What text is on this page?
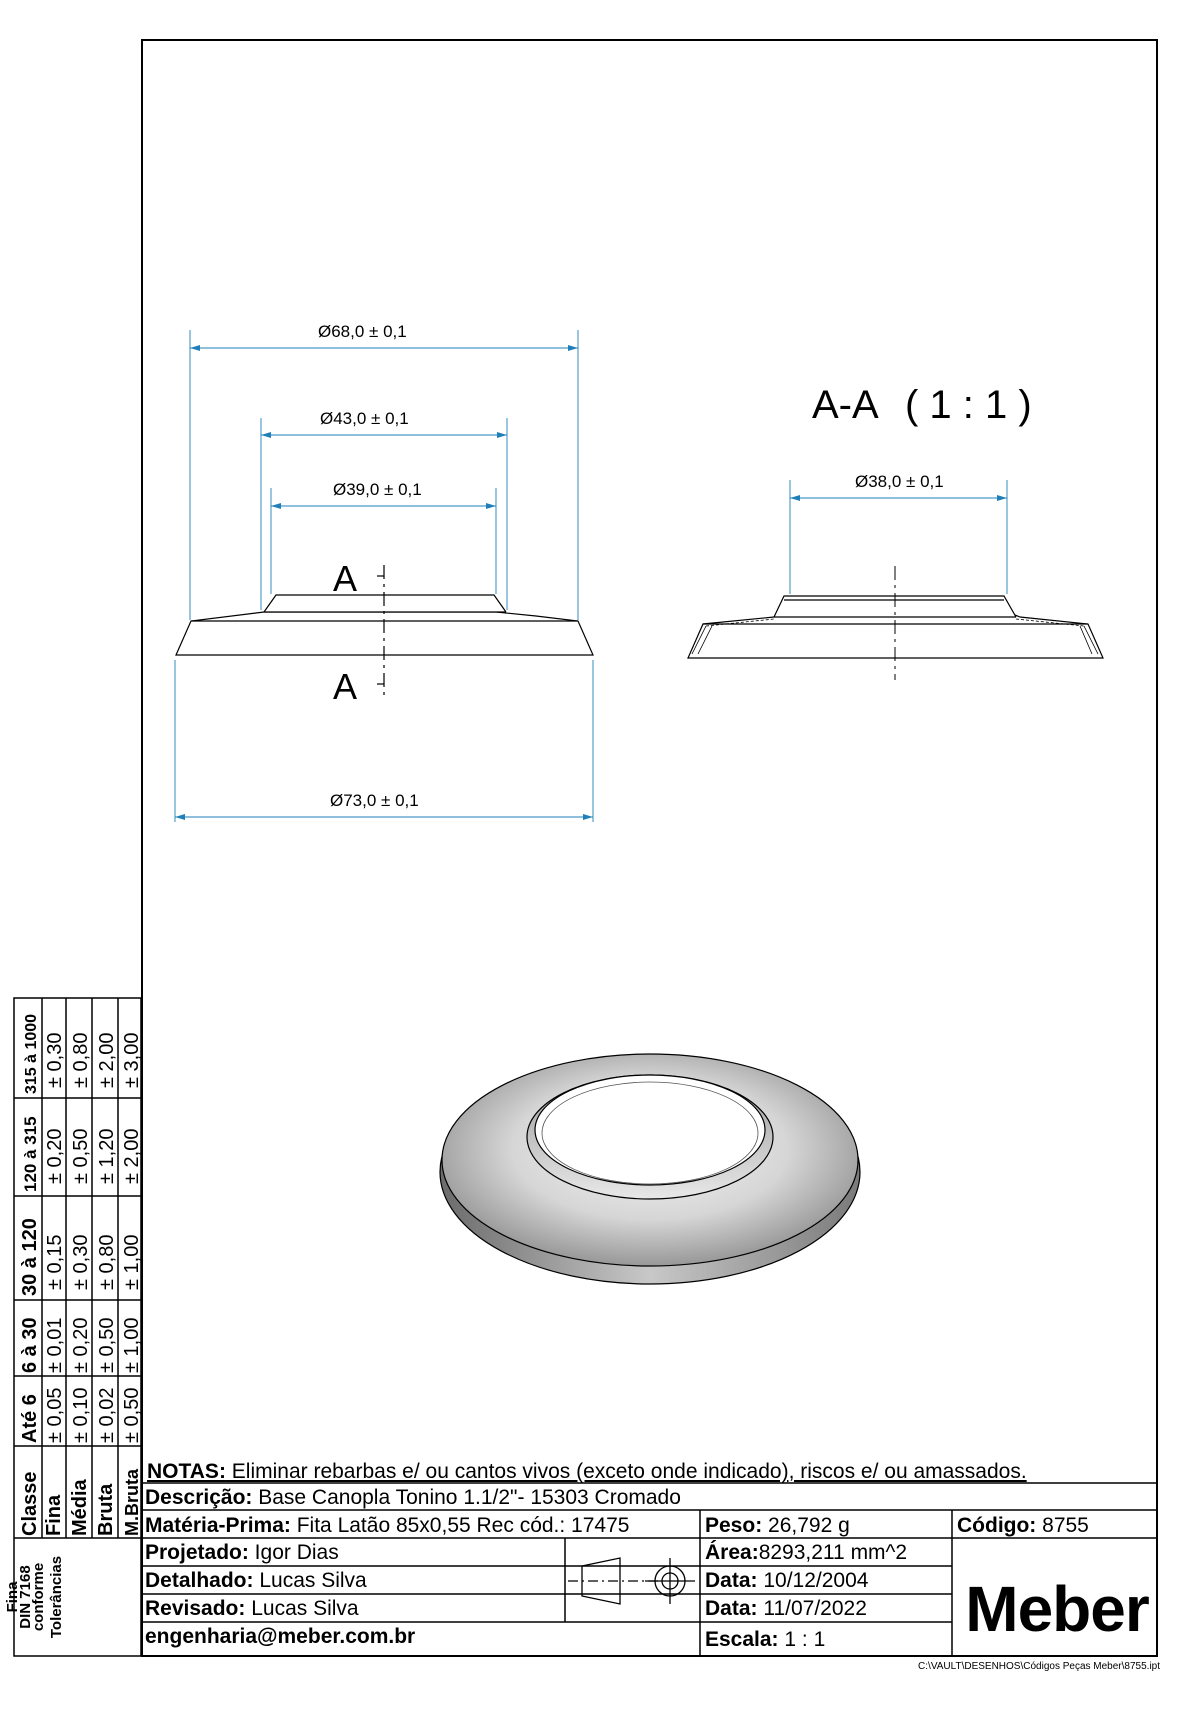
A
A
Ø68,0 ± 0,1
Ø43,0 ± 0,1
Ø39,0 ± 0,1
Ø73,0 ± 0,1
Ø38,0 ± 0,1
A-A ( 1 : 1 )
Tolerâncias
conforme
DIN 7168
Fina
Classe Fina Média Bruta M.Bruta
Até 6 ± 0,05 ± 0,10 ± 0,02 ± 0,50
6 à 30 ± 0,01 ± 0,20 ± 0,50 ± 1,00
30 à 120 ± 0,15 ± 0,30 ± 0,80 ± 1,00
120 à 315 ± 0,20 ± 0,50 ± 1,20 ± 2,00
315 à 1000 ± 0,30 ± 0,80 ± 2,00 ± 3,00
NOTAS: Eliminar rebarbas e/ ou cantos vivos (exceto onde indicado), riscos e/ ou amassados.
Descrição: Base Canopla Tonino 1.1/2"- 15303 Cromado
Matéria-Prima: Fita Latão 85x0,55 Rec cód.: 17475	Peso: 26,792 g	Código: 8755
Projetado: Igor Dias	Área:8293,211 mm^2
Detalhado: Lucas Silva	Data: 10/12/2004
Revisado: Lucas Silva	Data: 11/07/2022
engenharia@meber.com.br	Escala: 1 : 1	Meber
C:\VAULT\DESENHOS\Códigos Peças Meber\8755.ipt
